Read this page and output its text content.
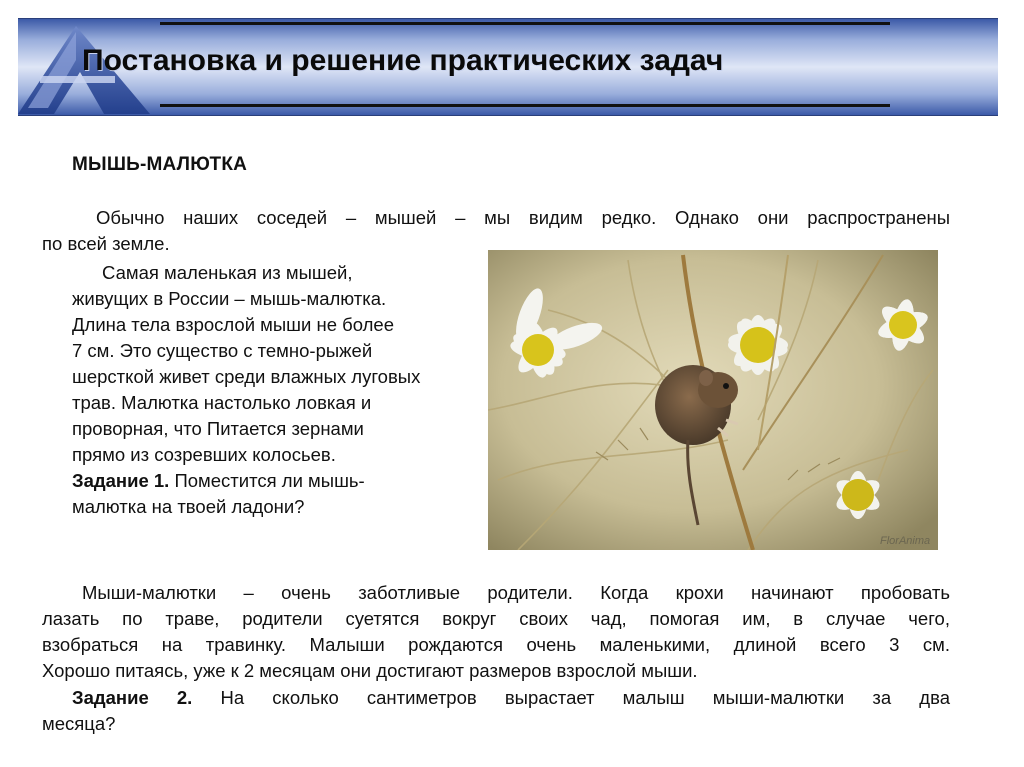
Постановка и решение практических задач
МЫШЬ-МАЛЮТКА
Обычно наших соседей – мышей – мы видим редко. Однако они распространены
по всей земле.
Самая маленькая из мышей,
живущих в России – мышь-малютка.
Длина тела взрослой мыши не более
7 см. Это существо с темно-рыжей
шерсткой живет среди влажных луговых
трав. Малютка настолько ловкая и
проворная, что Питается зернами
прямо из созревших колосьев.
Задание 1. Поместится ли мышь-
малютка на твоей ладони?
FlorAnima
Мыши-малютки – очень заботливые родители. Когда крохи начинают пробовать
лазать по траве, родители суетятся вокруг своих чад, помогая им, в случае чего,
взобраться на травинку. Малыши рождаются очень маленькими, длиной всего 3 см.
Хорошо питаясь, уже к 2 месяцам они достигают размеров взрослой мыши.
Задание 2. На сколько сантиметров вырастает малыш мыши-малютки за два
месяца?
